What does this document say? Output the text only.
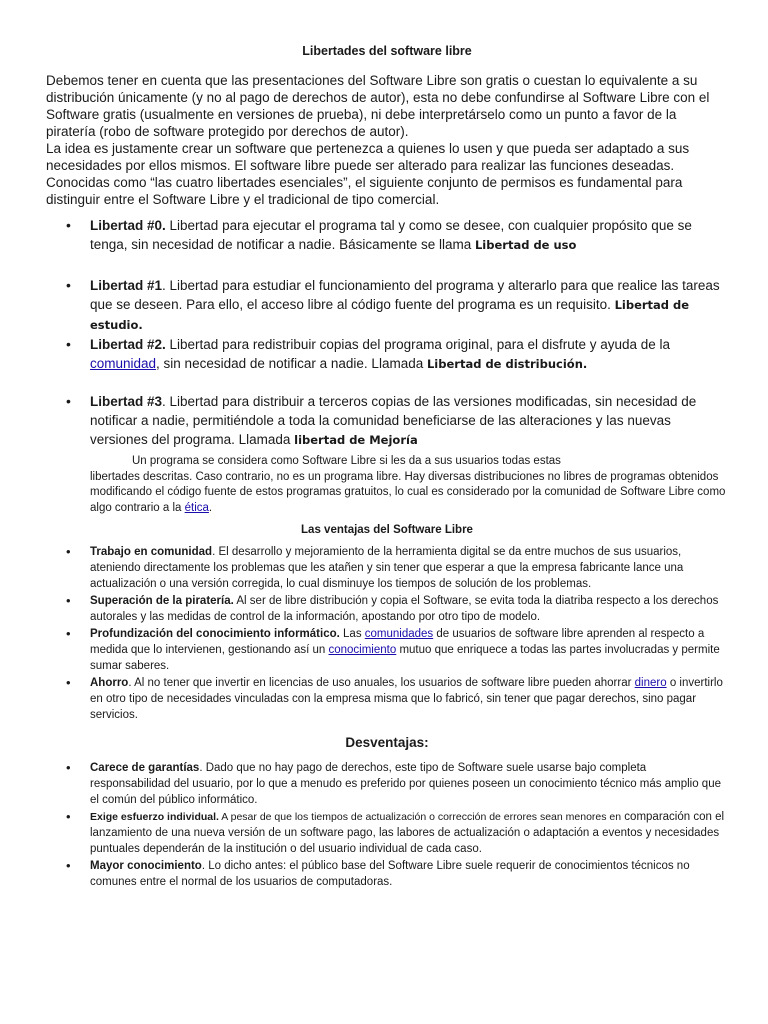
Libertades del software libre

Debemos tener en cuenta que las presentaciones del Software Libre son gratis o cuestan lo equivalente a su distribución únicamente (y no al pago de derechos de autor), esta no debe confundirse al Software Libre con el Software gratis (usualmente en versiones de prueba), ni debe interpretárselo como un punto a favor de la piratería (robo de software protegido por derechos de autor).

La idea es justamente crear un software que pertenezca a quienes lo usen y que pueda ser adaptado a sus necesidades por ellos mismos. El software libre puede ser alterado para realizar las funciones deseadas.

Conocidas como “las cuatro libertades esenciales”, el siguiente conjunto de permisos es fundamental para distinguir entre el Software Libre y el tradicional de tipo comercial.

• Libertad #0. Libertad para ejecutar el programa tal y como se desee, con cualquier propósito que se tenga, sin necesidad de notificar a nadie. Básicamente se llama Libertad de uso
• Libertad #1. Libertad para estudiar el funcionamiento del programa y alterarlo para que realice las tareas que se deseen. Para ello, el acceso libre al código fuente del programa es un requisito. Libertad de estudio.
• Libertad #2. Libertad para redistribuir copias del programa original, para el disfrute y ayuda de la comunidad, sin necesidad de notificar a nadie. Llamada Libertad de distribución.
• Libertad #3. Libertad para distribuir a terceros copias de las versiones modificadas, sin necesidad de notificar a nadie, permitiéndole a toda la comunidad beneficiarse de las alteraciones y las nuevas versiones del programa. Llamada libertad de Mejoría
Un programa se considera como Software Libre si les da a sus usuarios todas estas
libertades descritas. Caso contrario, no es un programa libre. Hay diversas distribuciones no libres de programas obtenidos modificando el código fuente de estos programas gratuitos, lo cual es considerado por la comunidad de Software Libre como algo contrario a la ética.
Las ventajas del Software Libre
• Trabajo en comunidad. El desarrollo y mejoramiento de la herramienta digital se da entre muchos de sus usuarios, ateniendo directamente los problemas que les atañen y sin tener que esperar a que la empresa fabricante lance una actualización o una versión corregida, lo cual disminuye los tiempos de solución de los problemas.
• Superación de la piratería. Al ser de libre distribución y copia el Software, se evita toda la diatriba respecto a los derechos autorales y las medidas de control de la información, apostando por otro tipo de modelo.
• Profundización del conocimiento informático. Las comunidades de usuarios de software libre aprenden al respecto a medida que lo intervienen, gestionando así un conocimiento mutuo que enriquece a todas las partes involucradas y permite sumar saberes.
• Ahorro. Al no tener que invertir en licencias de uso anuales, los usuarios de software libre pueden ahorrar dinero o invertirlo en otro tipo de necesidades vinculadas con la empresa misma que lo fabricó, sin tener que pagar derechos, sino pagar servicios.
Desventajas:
• Carece de garantías. Dado que no hay pago de derechos, este tipo de Software suele usarse bajo completa responsabilidad del usuario, por lo que a menudo es preferido por quienes poseen un conocimiento técnico más amplio que el común del público informático.
• Exige esfuerzo individual. A pesar de que los tiempos de actualización o corrección de errores sean menores en comparación con el lanzamiento de una nueva versión de un software pago, las labores de actualización o adaptación a eventos y necesidades puntuales dependerán de la institución o del usuario individual de cada caso.
• Mayor conocimiento. Lo dicho antes: el público base del Software Libre suele requerir de conocimientos técnicos no comunes entre el normal de los usuarios de computadoras.
